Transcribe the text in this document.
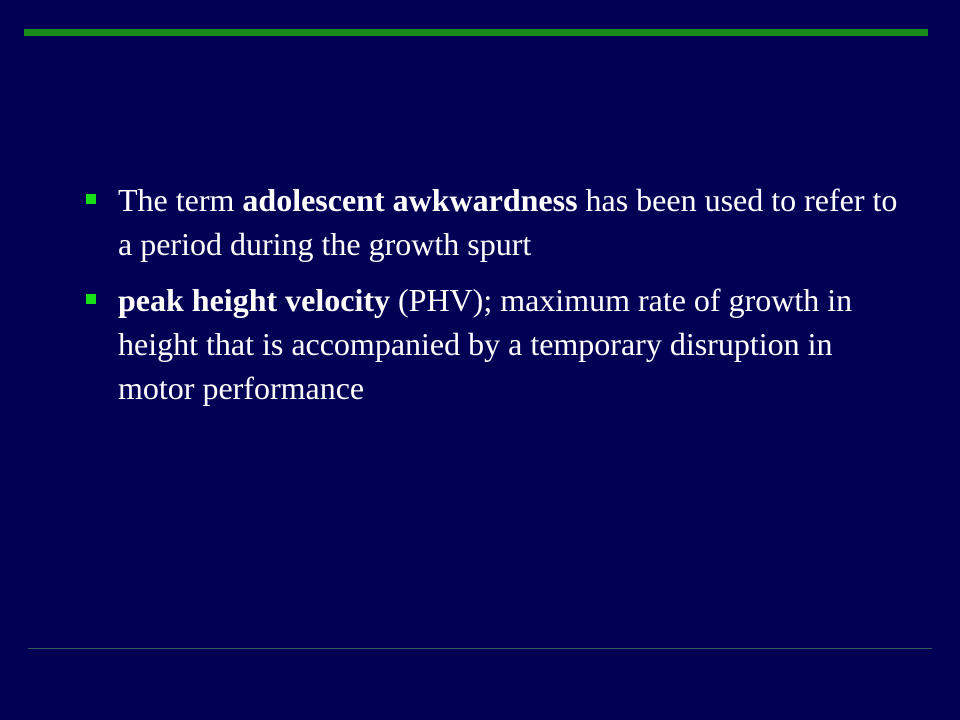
The term adolescent awkwardness has been used to refer to a period during the growth spurt
peak height velocity (PHV); maximum rate of growth in height that is accompanied by a temporary disruption in motor performance
